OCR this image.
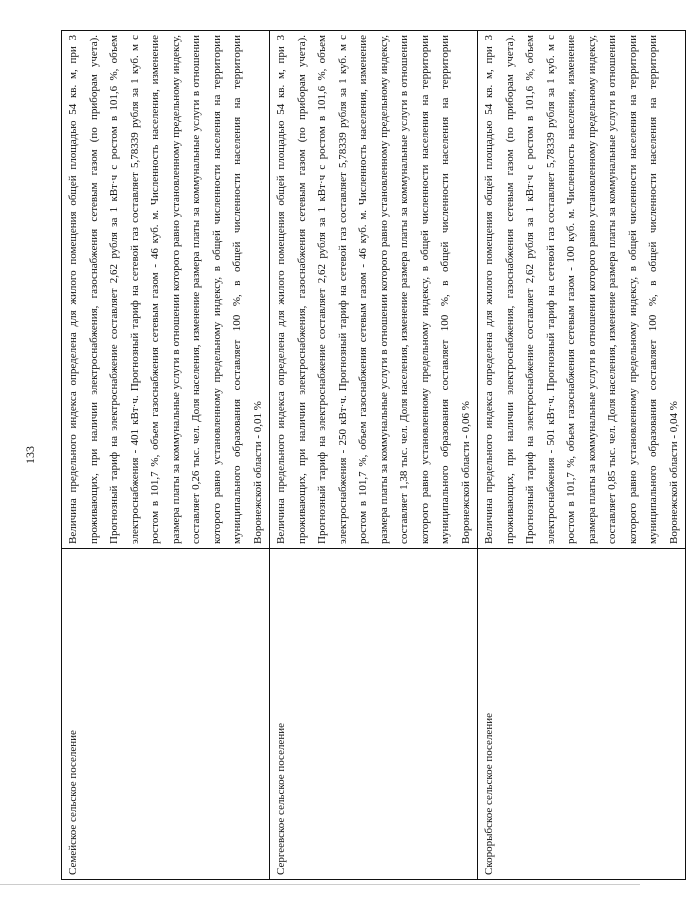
133
Семейское сельское поселение	Величина предельного индекса определена для жилого помещения общей площадью 54 кв. м, при 3 проживающих, при наличии электроснабжения, газоснабжения сетевым газом (по приборам учета). Прогнозный тариф на электроснабжение составляет 2,62 рубля за 1 кВт·ч с ростом в 101,6 %, объем электроснабжения - 401 кВт·ч. Прогнозный тариф на сетевой газ составляет 5,78339 рубля за 1 куб. м с ростом в 101,7 %, объем газоснабжения сетевым газом - 46 куб. м. Численность населения, изменение размера платы за коммунальные услуги в отношении которого равно установленному предельному индексу, составляет 0,26 тыс. чел. Доля населения, изменение размера платы за коммунальные услуги в отношении которого равно установленному предельному индексу, в общей численности населения на территории муниципального образования составляет 100 %, в общей численности населения на территории Воронежской области - 0,01 %
Сергеевское сельское поселение	Величина предельного индекса определена для жилого помещения общей площадью 54 кв. м, при 3 проживающих, при наличии электроснабжения, газоснабжения сетевым газом (по приборам учета). Прогнозный тариф на электроснабжение составляет 2,62 рубля за 1 кВт·ч с ростом в 101,6 %, объем электроснабжения - 250 кВт·ч. Прогнозный тариф на сетевой газ составляет 5,78339 рубля за 1 куб. м с ростом в 101,7 %, объем газоснабжения сетевым газом - 46 куб. м. Численность населения, изменение размера платы за коммунальные услуги в отношении которого равно установленному предельному индексу, составляет 1,38 тыс. чел. Доля населения, изменение размера платы за коммунальные услуги в отношении которого равно установленному предельному индексу, в общей численности населения на территории муниципального образования составляет 100 %, в общей численности населения на территории Воронежской области - 0,06 %
Скорорыбское сельское поселение	Величина предельного индекса определена для жилого помещения общей площадью 54 кв. м, при 3 проживающих, при наличии электроснабжения, газоснабжения сетевым газом (по приборам учета). Прогнозный тариф на электроснабжение составляет 2,62 рубля за 1 кВт·ч с ростом в 101,6 %, объем электроснабжения - 501 кВт·ч. Прогнозный тариф на сетевой газ составляет 5,78339 рубля за 1 куб. м с ростом в 101,7 %, объем газоснабжения сетевым газом - 100 куб. м. Численность населения, изменение размера платы за коммунальные услуги в отношении которого равно установленному предельному индексу, составляет 0,85 тыс. чел. Доля населения, изменение размера платы за коммунальные услуги в отношении которого равно установленному предельному индексу, в общей численности населения на территории муниципального образования составляет 100 %, в общей численности населения на территории Воронежской области - 0,04 %
